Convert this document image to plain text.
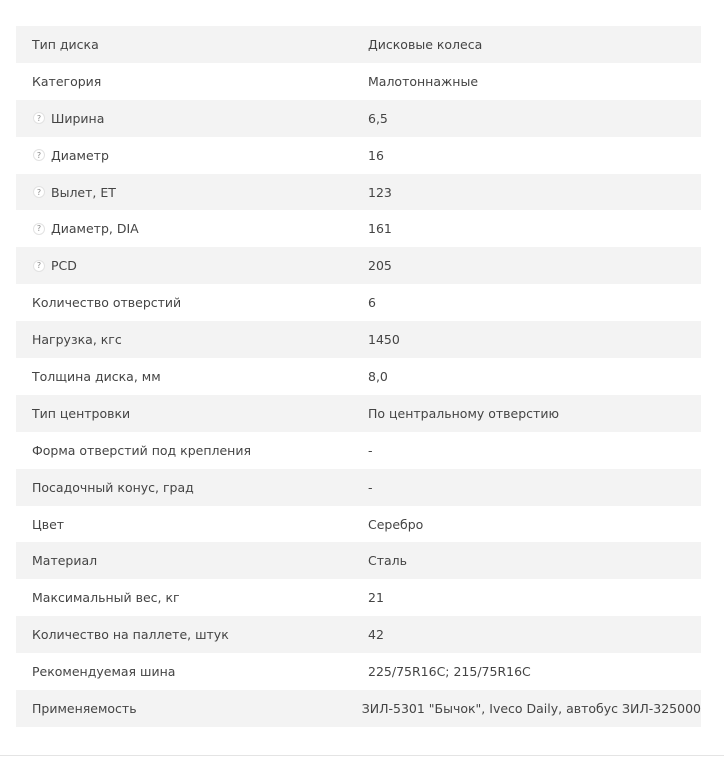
Тип диска	Дисковые колеса
Категория	Малотоннажные
? Ширина	6,5
? Диаметр	16
? Вылет, ET	123
? Диаметр, DIA	161
? PCD	205
Количество отверстий	6
Нагрузка, кгс	1450
Толщина диска, мм	8,0
Тип центровки	По центральному отверстию
Форма отверстий под крепления	-
Посадочный конус, град	-
Цвет	Серебро
Материал	Сталь
Максимальный вес, кг	21
Количество на паллете, штук	42
Рекомендуемая шина	225/75R16C; 215/75R16C
Применяемость	ЗИЛ-5301 "Бычок", Iveco Daily, автобус ЗИЛ-325000
